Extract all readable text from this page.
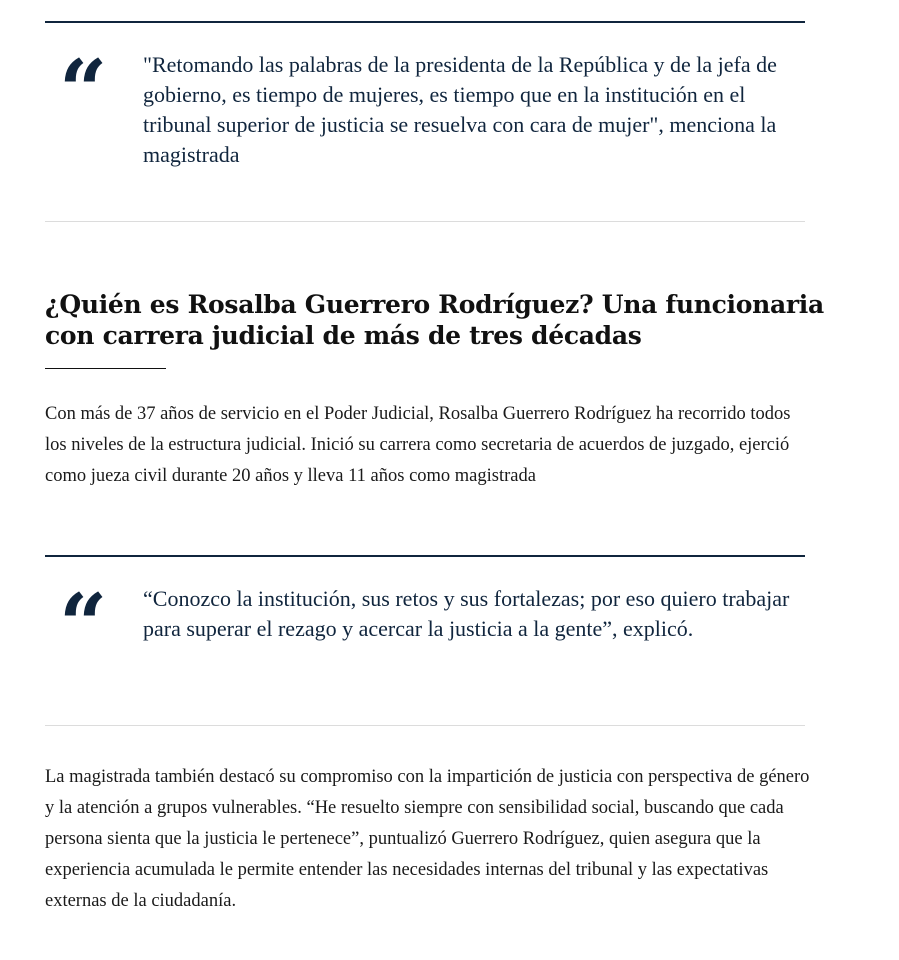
“ "Retomando las palabras de la presidenta de la República y de la jefa de gobierno, es tiempo de mujeres, es tiempo que en la institución en el tribunal superior de justicia se resuelva con cara de mujer", menciona la magistrada
¿Quién es Rosalba Guerrero Rodríguez? Una funcionaria con carrera judicial de más de tres décadas

Con más de 37 años de servicio en el Poder Judicial, Rosalba Guerrero Rodríguez ha recorrido todos los niveles de la estructura judicial. Inició su carrera como secretaria de acuerdos de juzgado, ejerció como jueza civil durante 20 años y lleva 11 años como magistrada

“ “Conozco la institución, sus retos y sus fortalezas; por eso quiero trabajar para superar el rezago y acercar la justicia a la gente”, explicó.

La magistrada también destacó su compromiso con la impartición de justicia con perspectiva de género y la atención a grupos vulnerables. “He resuelto siempre con sensibilidad social, buscando que cada persona sienta que la justicia le pertenece”, puntualizó Guerrero Rodríguez, quien asegura que la experiencia acumulada le permite entender las necesidades internas del tribunal y las expectativas externas de la ciudadanía.
